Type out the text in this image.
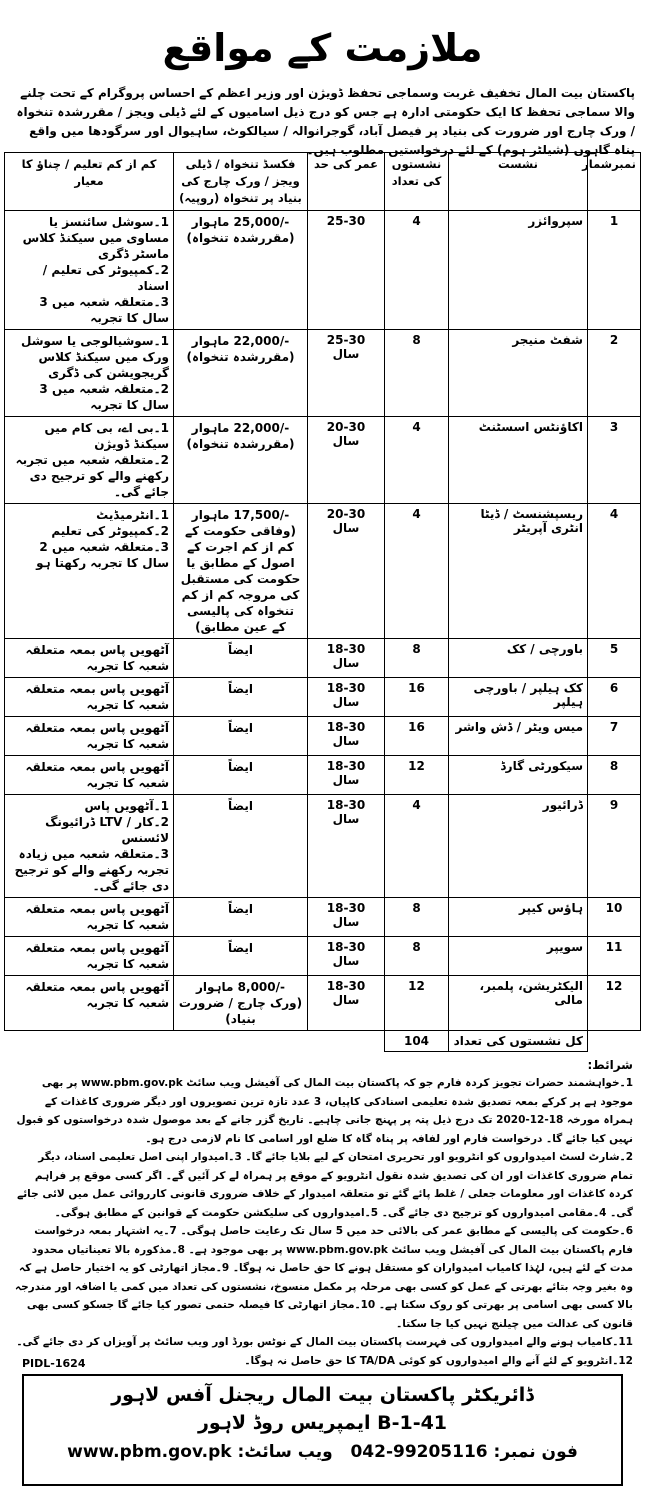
ملازمت کے مواقع
پاکستان بیت المال تخفیف غربت وسماجی تحفظ ڈویژن اور وزیر اعظم کے احساس پروگرام کے تحت چلنے والا سماجی تحفظ کا ایک حکومتی ادارہ ہے جس کو درج ذیل اسامیوں کے لئے ڈیلی ویجز / مقررشدہ تنخواہ / ورک چارج اور ضرورت کی بنیاد پر فیصل آباد، گوجرانوالہ / سیالکوٹ، ساہیوال اور سرگودھا میں واقع پناہ گاہوں (شیلٹر ہوم) کے لئے درخواستیں مطلوب ہیں۔
نمبرشمار	نشست	نشستوں کی تعداد	عمر کی حد	فکسڈ تنخواہ / ڈیلی ویجز / ورک چارج کی بنیاد پر تنخواہ (روپیہ)	کم از کم تعلیم / چناؤ کا معیار
1	سپروائزر	4	25-30	-/25,000 ماہوار (مقررشدہ تنخواہ)	1۔سوشل سائنسز یا مساوی میں سیکنڈ کلاس ماسٹر ڈگری
2۔کمپیوٹر کی تعلیم / اسناد
3۔متعلقہ شعبہ میں 3 سال کا تجربہ

2	شفٹ منیجر	8	25-30 سال	-/22,000 ماہوار (مقررشدہ تنخواہ)	1۔سوشیالوجی یا سوشل ورک میں سیکنڈ کلاس گریجویشن کی ڈگری
2۔متعلقہ شعبہ میں 3 سال کا تجربہ

3	اکاؤنٹس اسسٹنٹ	4	20-30 سال	-/22,000 ماہوار (مقررشدہ تنخواہ)	1۔بی اے، بی کام میں سیکنڈ ڈویژن
2۔متعلقہ شعبہ میں تجربہ رکھنے والے کو ترجیح دی جائے گی۔

4	ریسپشنسٹ / ڈیٹا انٹری آپریٹر	4	20-30 سال	-/17,500 ماہوار (وفاقی حکومت کے کم از کم اجرت کے اصول کے مطابق یا حکومت کی مستقبل کی مروجہ کم از کم تنخواہ کی پالیسی کے عین مطابق)	1۔انٹرمیڈیٹ
2۔کمپیوٹر کی تعلیم
3۔متعلقہ شعبہ میں 2 سال کا تجربہ رکھتا ہو

5	باورچی / کک	8	18-30 سال	ایضاً	آٹھویں پاس بمعہ متعلقہ شعبہ کا تجربہ

6	کک ہیلپر / باورچی ہیلپر	16	18-30 سال	ایضاً	آٹھویں پاس بمعہ متعلقہ شعبہ کا تجربہ

7	میس ویٹر / ڈش واشر	16	18-30 سال	ایضاً	آٹھویں پاس بمعہ متعلقہ شعبہ کا تجربہ

8	سیکورٹی گارڈ	12	18-30 سال	ایضاً	آٹھویں پاس بمعہ متعلقہ شعبہ کا تجربہ

9	ڈرائیور	4	18-30 سال	ایضاً	1۔آٹھویں پاس
2۔کار / LTV ڈرائیونگ لائسنس
3۔متعلقہ شعبہ میں زیادہ تجربہ رکھنے والے کو ترجیح دی جائے گی۔

10	ہاؤس کیپر	8	18-30 سال	ایضاً	آٹھویں پاس بمعہ متعلقہ شعبہ کا تجربہ

11	سویپر	8	18-30 سال	ایضاً	آٹھویں پاس بمعہ متعلقہ شعبہ کا تجربہ

12	الیکٹریشن، پلمبر، مالی	12	18-30 سال	-/8,000 ماہوار (ورک چارج / ضرورت بنیاد)	آٹھویں پاس بمعہ متعلقہ شعبہ کا تجربہ

	کل نشستوں کی تعداد	104			
شرائط:

1۔خواہشمند حضرات تجویز کردہ فارم جو کہ پاکستان بیت المال کی آفیشل ویب سائٹ www.pbm.gov.pk پر بھی موجود ہے پر کرکے بمعہ تصدیق شدہ تعلیمی اسنادکی کاپیاں، 3 عدد تازہ ترین تصویروں اور دیگر ضروری کاغذات کے ہمراہ مورخہ 18-12-2020 تک درج ذیل پتہ پر پہنچ جانی چاہیے۔ تاریخ گزر جانے کے بعد موصول شدہ درخواستوں کو قبول نہیں کیا جائے گا۔ درخواست فارم اور لفافہ پر پناہ گاہ کا ضلع اور اسامی کا نام لازمی درج ہو۔

2۔شارٹ لسٹ امیدواروں کو انٹرویو اور تحریری امتحان کے لیے بلایا جائے گا۔ 3۔امیدوار اپنی اصل تعلیمی اسناد، دیگر تمام ضروری کاغذات اور ان کی تصدیق شدہ نقول انٹرویو کے موقع پر ہمراہ لے کر آئیں گے۔ اگر کسی موقع پر فراہم کردہ کاغذات اور معلومات جعلی / غلط پائے گئے تو متعلقہ امیدوار کے خلاف ضروری قانونی کارروائی عمل میں لائی جائے گی۔ 4۔مقامی امیدواروں کو ترجیح دی جائے گی۔ 5۔امیدواروں کی سلیکشن حکومت کے قوانین کے مطابق ہوگی۔

6۔حکومت کی پالیسی کے مطابق عمر کی بالائی حد میں 5 سال تک رعایت حاصل ہوگی۔ 7۔یہ اشتہار بمعہ درخواست فارم پاکستان بیت المال کی آفیشل ویب سائٹ www.pbm.gov.pk پر بھی موجود ہے۔ 8۔مذکورہ بالا تعیناتیاں محدود مدت کے لئے ہیں، لہٰذا کامیاب امیدواران کو مستقل ہونے کا حق حاصل نہ ہوگا۔ 9۔مجاز اتھارٹی کو یہ اختیار حاصل ہے کہ وہ بغیر وجہ بتائے بھرتی کے عمل کو کسی بھی مرحلہ پر مکمل منسوخ، نشستوں کی تعداد میں کمی یا اضافہ اور مندرجہ بالا کسی بھی اسامی پر بھرتی کو روک سکتا ہے۔ 10۔مجاز اتھارٹی کا فیصلہ حتمی تصور کیا جائے گا جسکو کسی بھی قانون کی عدالت میں چیلنج نہیں کیا جا سکتا۔

11۔کامیاب ہونے والے امیدواروں کی فہرست پاکستان بیت المال کے نوٹس بورڈ اور ویب سائٹ پر آویزاں کر دی جائے گی۔

12۔انٹرویو کے لئے آنے والے امیدواروں کو کوئی TA/DA کا حق حاصل نہ ہوگا۔

PIDL-1624
ڈائریکٹر پاکستان بیت المال ریجنل آفس لاہور
41-B-1 ایمپریس روڈ لاہور
فون نمبر: 042-99205116   ویب سائٹ: www.pbm.gov.pk
